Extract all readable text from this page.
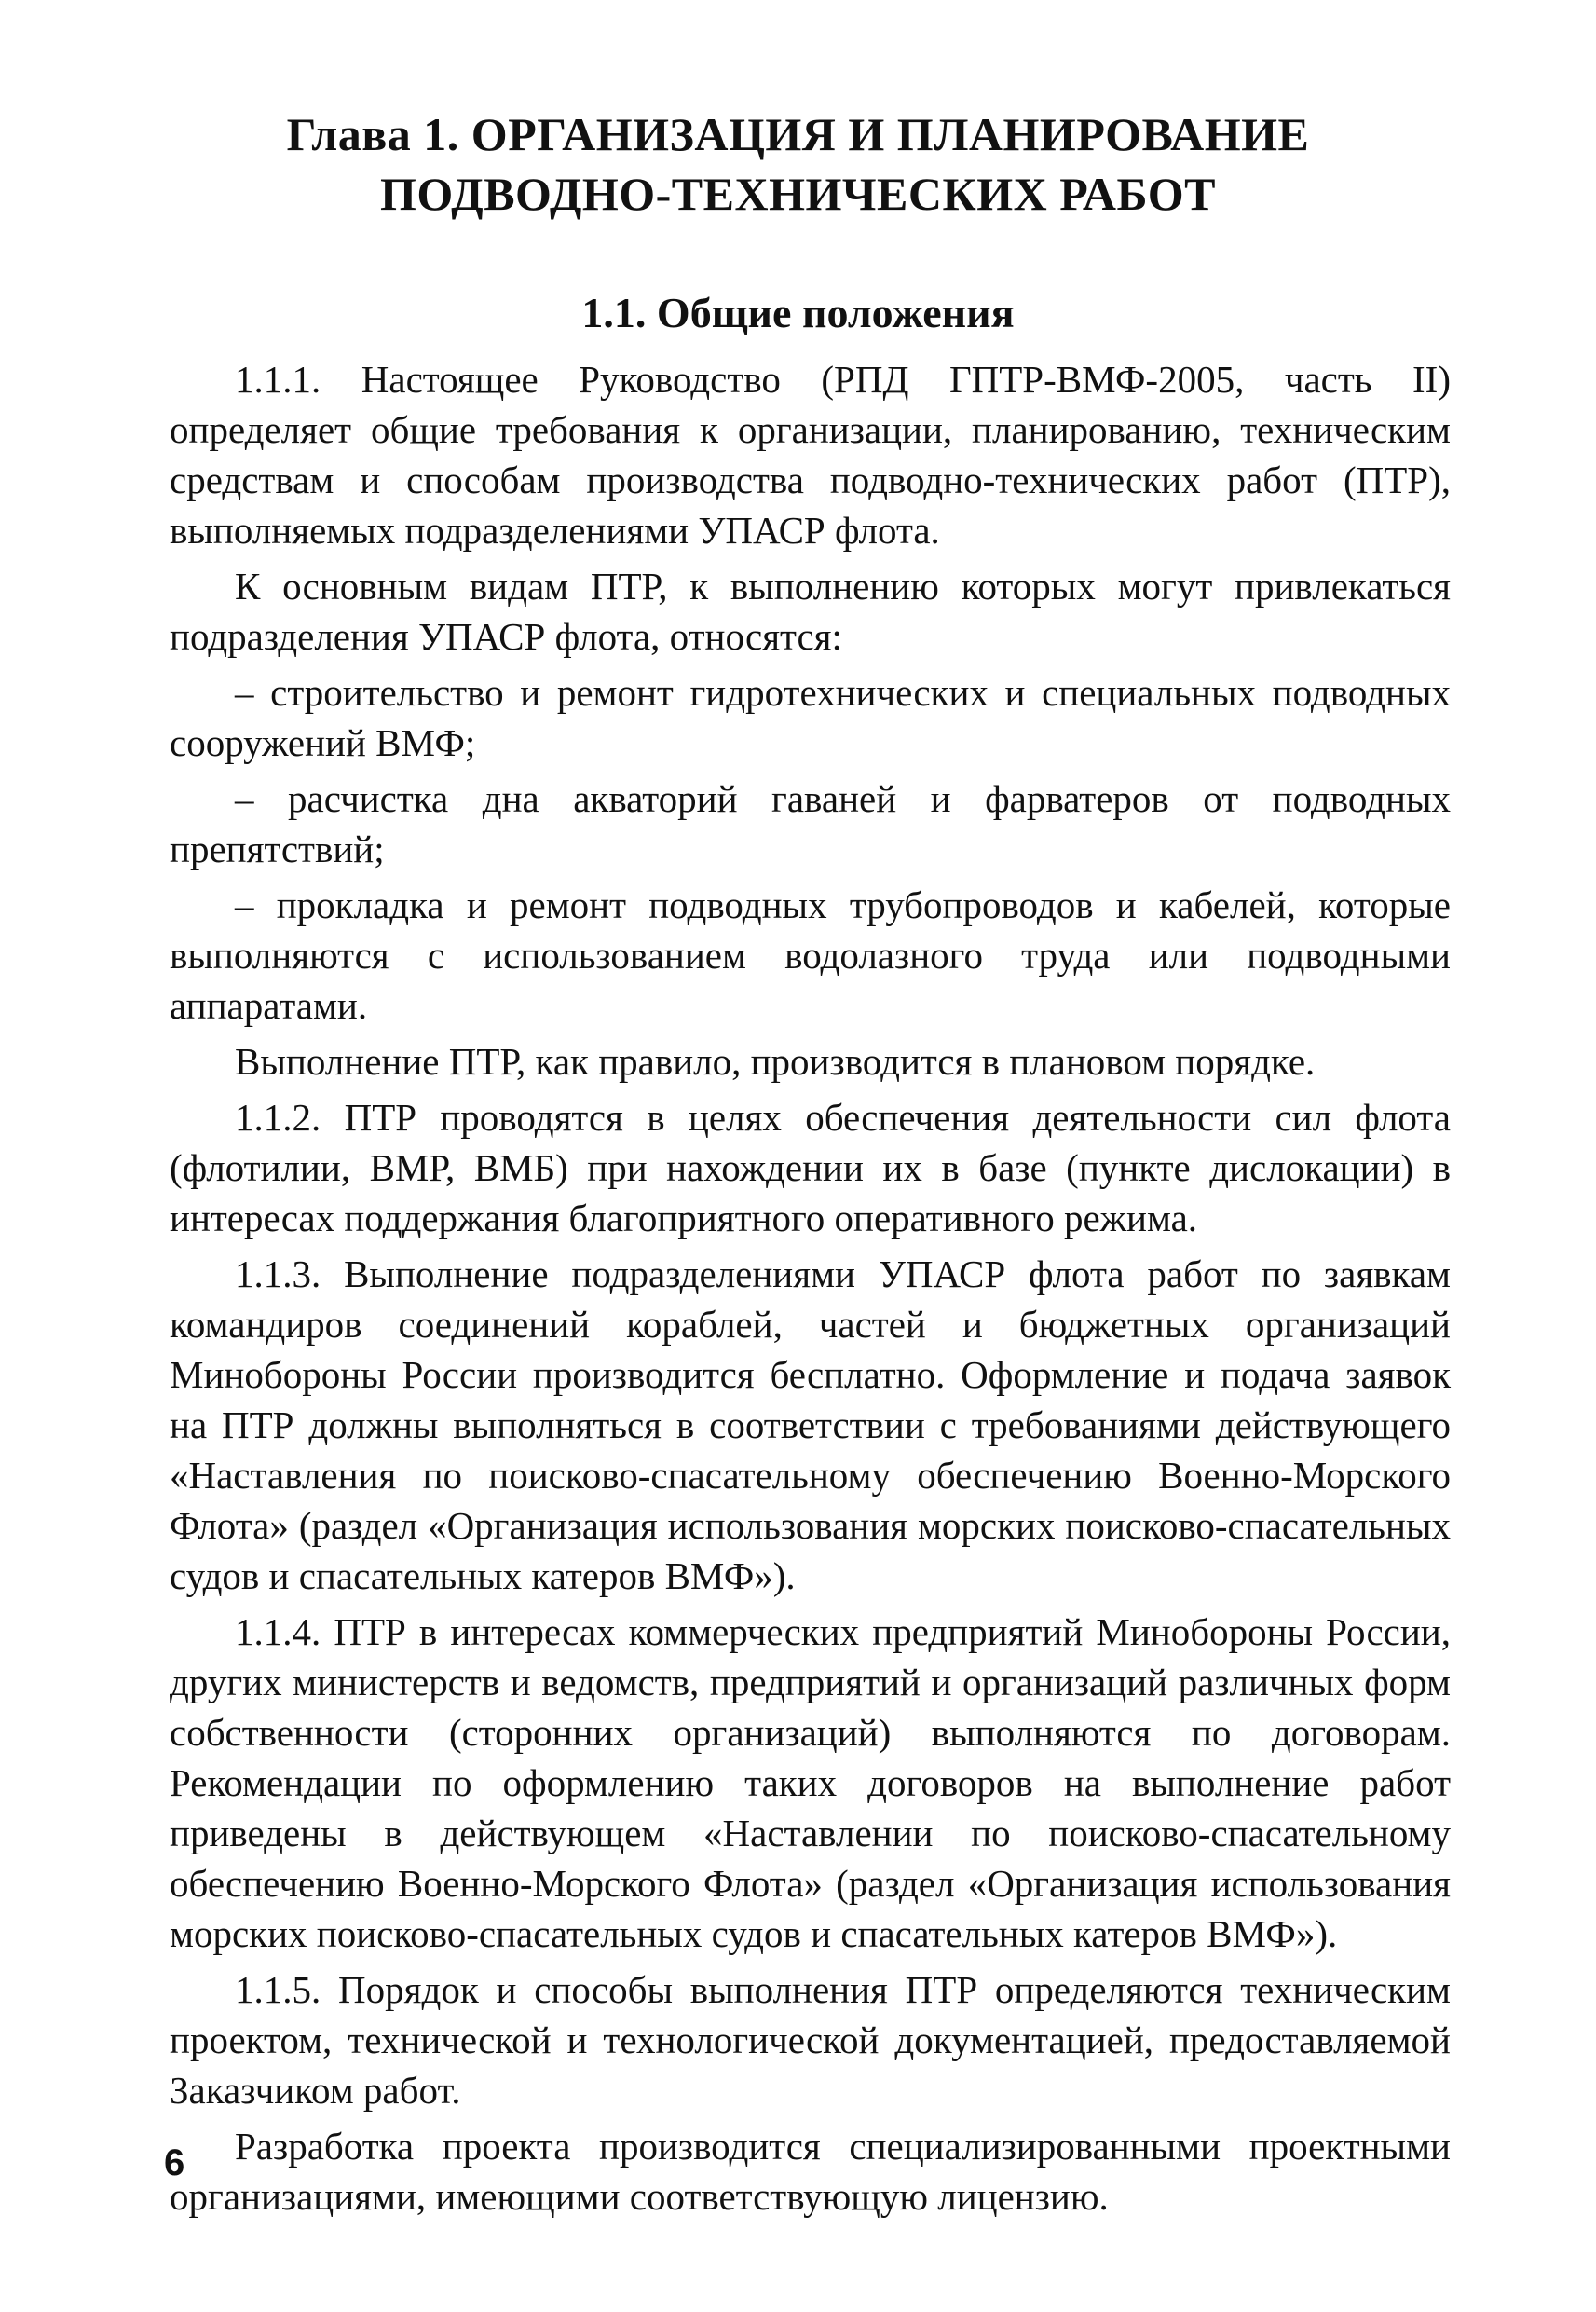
Глава 1. ОРГАНИЗАЦИЯ И ПЛАНИРОВАНИЕ
ПОДВОДНО-ТЕХНИЧЕСКИХ РАБОТ
1.1. Общие положения

1.1.1. Настоящее Руководство (РПД ГПТР-ВМФ-2005, часть II) определяет общие требования к организации, планированию, техническим средствам и способам производства подводно-технических работ (ПТР), выполняемых подразделениями УПАСР флота.

К основным видам ПТР, к выполнению которых могут привлекаться подразделения УПАСР флота, относятся:

– строительство и ремонт гидротехнических и специальных подводных сооружений ВМФ;

– расчистка дна акваторий гаваней и фарватеров от подводных препятствий;

– прокладка и ремонт подводных трубопроводов и кабелей, которые выполняются с использованием водолазного труда или подводными аппаратами.

Выполнение ПТР, как правило, производится в плановом порядке.

1.1.2. ПТР проводятся в целях обеспечения деятельности сил флота (флотилии, ВМР, ВМБ) при нахождении их в базе (пункте дислокации) в интересах поддержания благоприятного оперативного режима.

1.1.3. Выполнение подразделениями УПАСР флота работ по заявкам командиров соединений кораблей, частей и бюджетных организаций Минобороны России производится бесплатно. Оформление и подача заявок на ПТР должны выполняться в соответствии с требованиями действующего «Наставления по поисково-спасательному обеспечению Военно-Морского Флота» (раздел «Организация использования морских поисково-спасательных судов и спасательных катеров ВМФ»).

1.1.4. ПТР в интересах коммерческих предприятий Минобороны России, других министерств и ведомств, предприятий и организаций различных форм собственности (сторонних организаций) выполняются по договорам. Рекомендации по оформлению таких договоров на выполнение работ приведены в действующем «Наставлении по поисково-спасательному обеспечению Военно-Морского Флота» (раздел «Организация использования морских поисково-спасательных судов и спасательных катеров ВМФ»).

1.1.5. Порядок и способы выполнения ПТР определяются техническим проектом, технической и технологической документацией, предоставляемой Заказчиком работ.

Разработка проекта производится специализированными проектными организациями, имеющими соответствующую лицензию.

6
